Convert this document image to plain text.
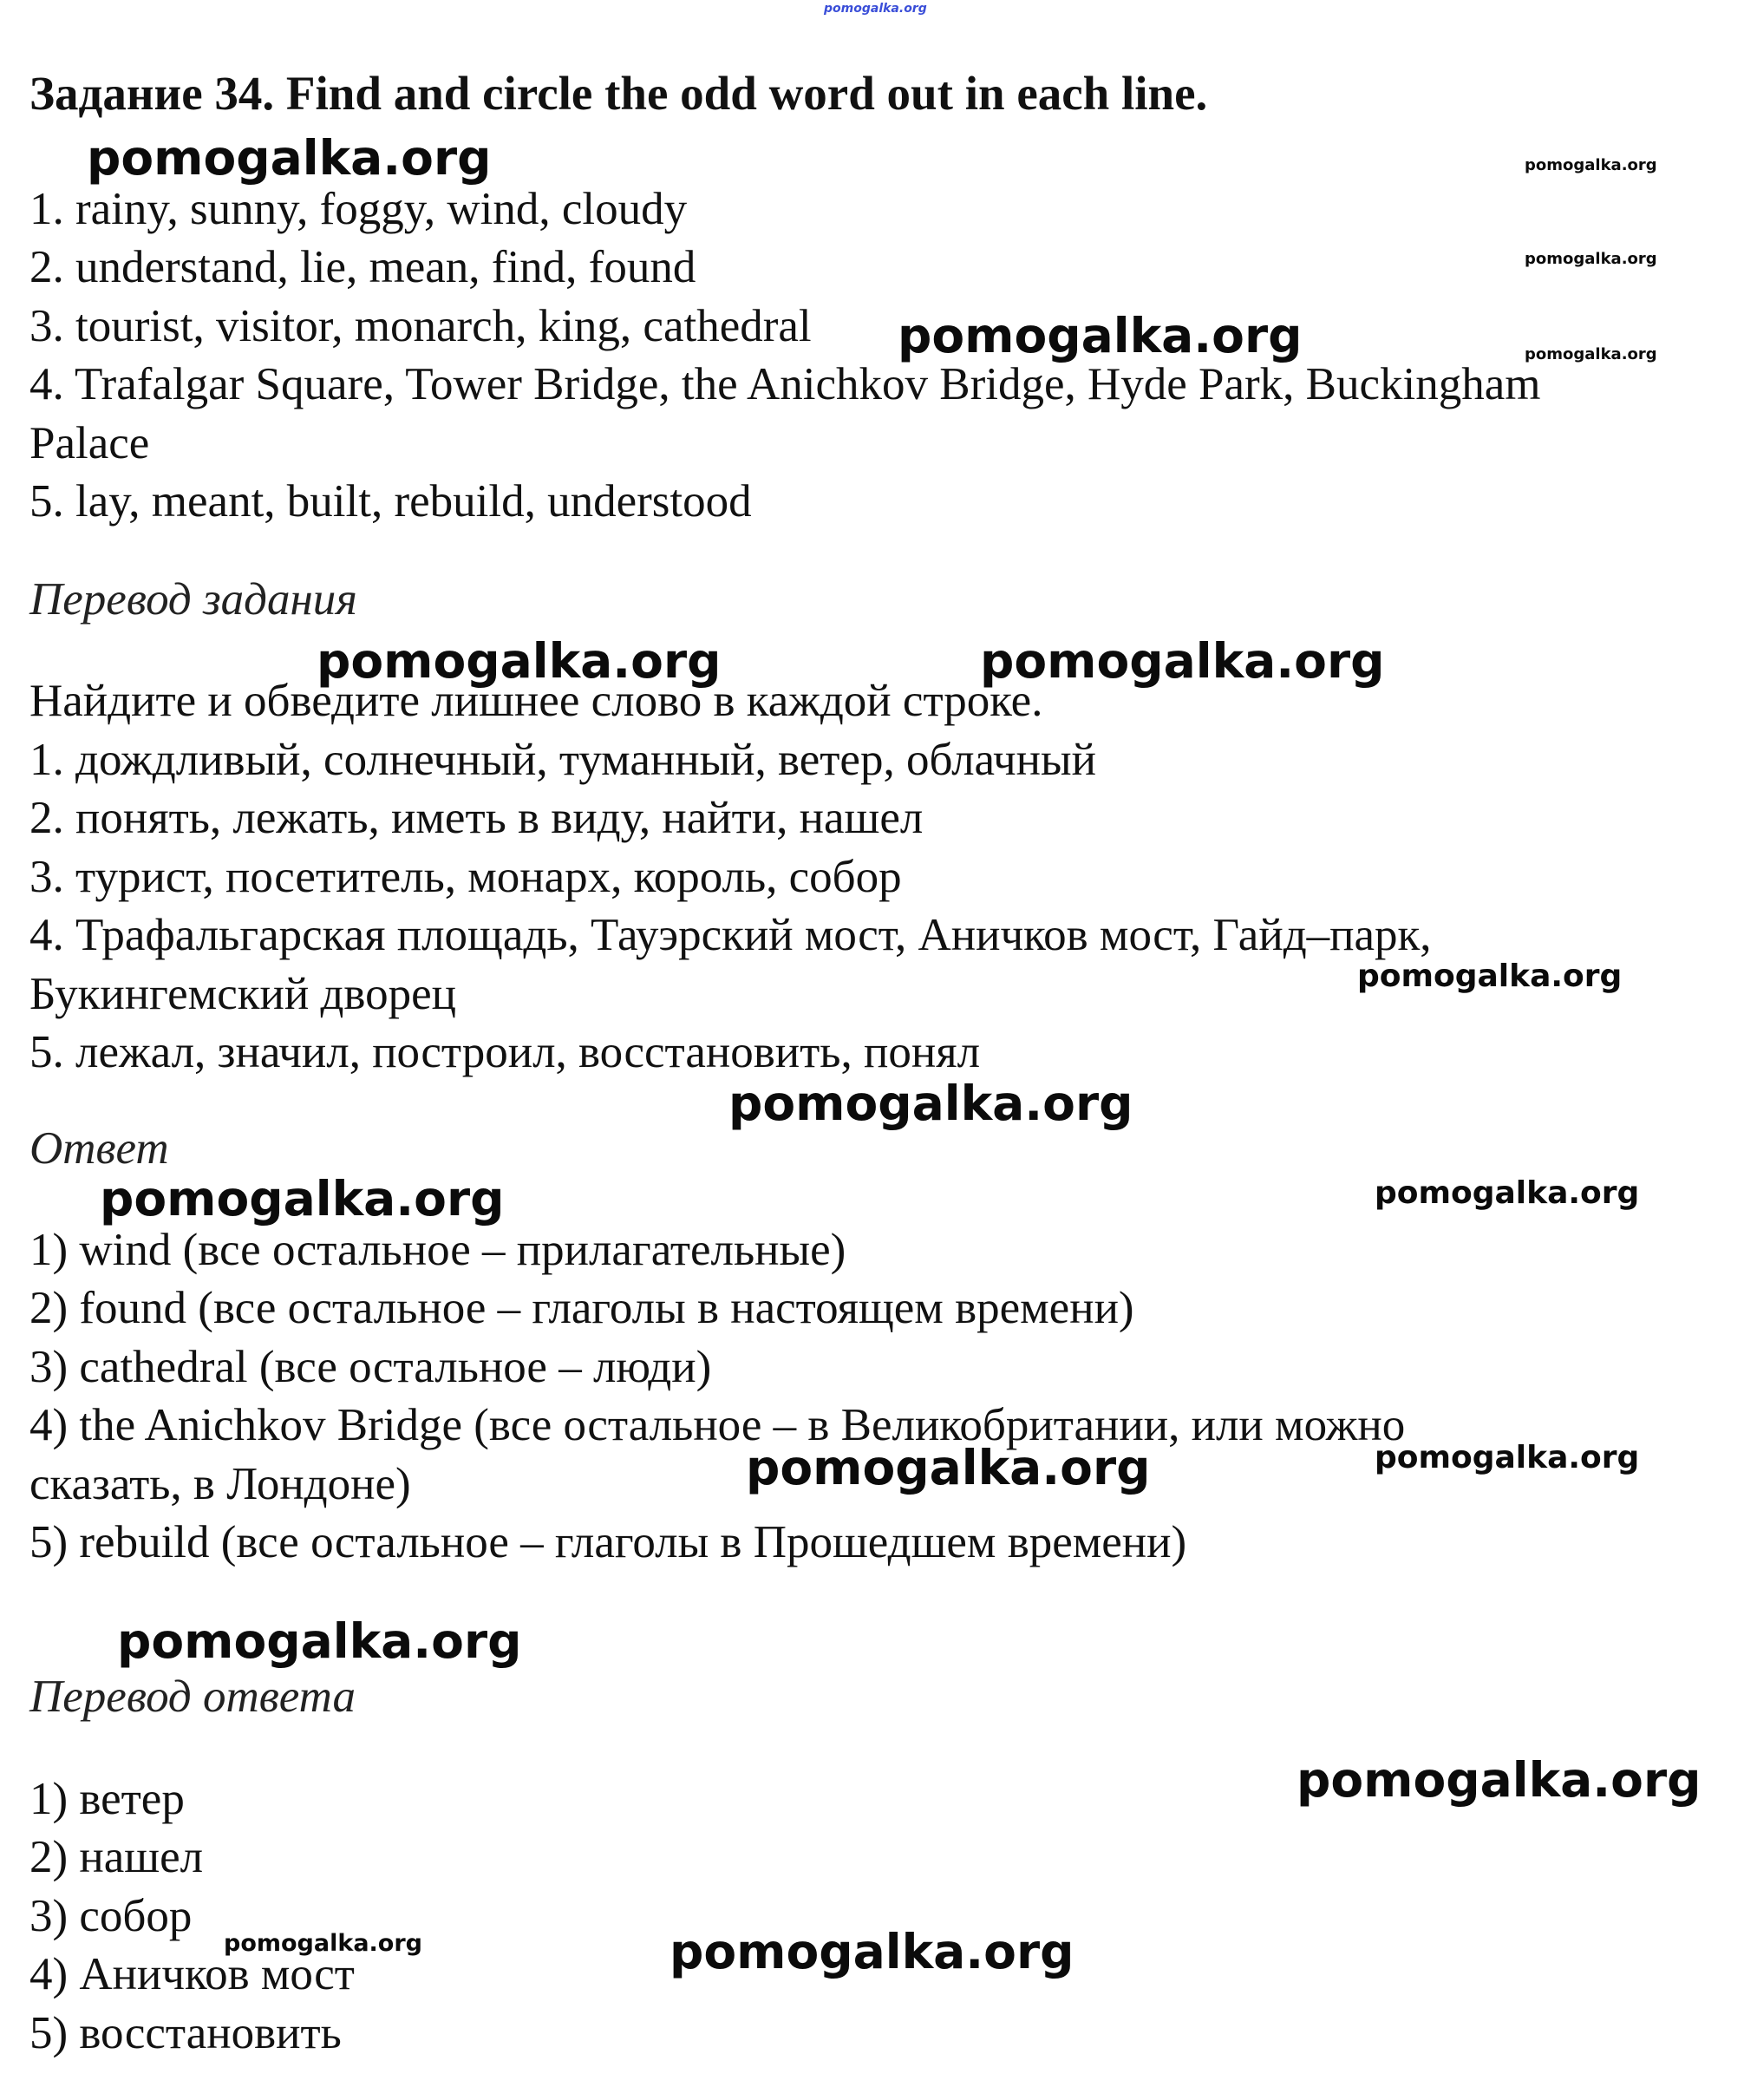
pomogalka.org
Задание 34. Find and circle the odd word out in each line.
1. rainy, sunny, foggy, wind, cloudy
2. understand, lie, mean, find, found
3. tourist, visitor, monarch, king, cathedral
4. Trafalgar Square, Tower Bridge, the Anichkov Bridge, Hyde Park, Buckingham
Palace
5. lay, meant, built, rebuild, understood
Перевод задания
Найдите и обведите лишнее слово в каждой строке.
1. дождливый, солнечный, туманный, ветер, облачный
2. понять, лежать, иметь в виду, найти, нашел
3. турист, посетитель, монарх, король, собор
4. Трафальгарская площадь, Тауэрский мост, Аничков мост, Гайд–парк,
Букингемский дворец
5. лежал, значил, построил, восстановить, понял
Ответ
1) wind (все остальное – прилагательные)
2) found (все остальное – глаголы в настоящем времени)
3) cathedral (все остальное – люди)
4) the Anichkov Bridge (все остальное – в Великобритании, или можно
сказать, в Лондоне)
5) rebuild (все остальное – глаголы в Прошедшем времени)
Перевод ответа
1) ветер
2) нашел
3) собор
4) Аничков мост
5) восстановить
pomogalka.org	pomogalka.org
pomogalka.org
pomogalka.org	pomogalka.org
pomogalka.org	pomogalka.org
pomogalka.org
pomogalka.org
pomogalka.org	pomogalka.org
pomogalka.org	pomogalka.org
pomogalka.org
pomogalka.org
pomogalka.org	pomogalka.org
